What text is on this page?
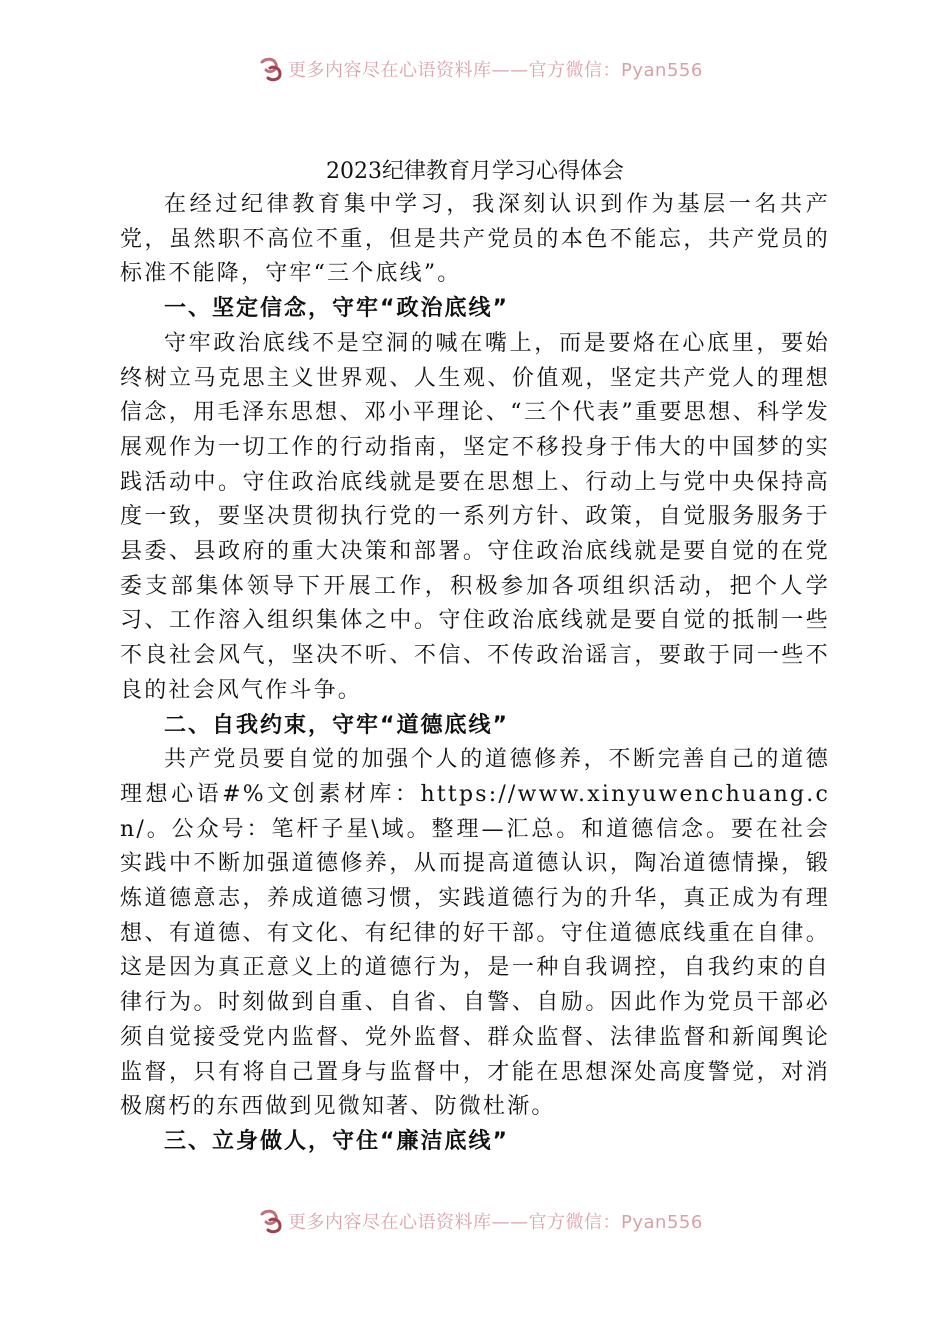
更多内容尽在心语资料库——官方微信：Pyan556
2023纪律教育月学习心得体会

在经过纪律教育集中学习，我深刻认识到作为基层一名共产党，虽然职不高位不重，但是共产党员的本色不能忘，共产党员的标准不能降，守牢“三个底线”。

一、坚定信念，守牢“政治底线”

守牢政治底线不是空洞的喊在嘴上，而是要烙在心底里，要始终树立马克思主义世界观、人生观、价值观，坚定共产党人的理想信念，用毛泽东思想、邓小平理论、“三个代表”重要思想、科学发展观作为一切工作的行动指南，坚定不移投身于伟大的中国梦的实践活动中。守住政治底线就是要在思想上、行动上与党中央保持高度一致，要坚决贯彻执行党的一系列方针、政策，自觉服务服务于县委、县政府的重大决策和部署。守住政治底线就是要自觉的在党委支部集体领导下开展工作，积极参加各项组织活动，把个人学习、工作溶入组织集体之中。守住政治底线就是要自觉的抵制一些不良社会风气，坚决不听、不信、不传政治谣言，要敢于同一些不良的社会风气作斗争。

二、自我约束，守牢“道德底线”

共产党员要自觉的加强个人的道德修养，不断完善自己的道德理想心语#%文创素材库：https://www.xinyuwenchuang.cn/。公众号：笔杆子星\域。整理—汇总。和道德信念。要在社会实践中不断加强道德修养，从而提高道德认识，陶冶道德情操，锻炼道德意志，养成道德习惯，实践道德行为的升华，真正成为有理想、有道德、有文化、有纪律的好干部。守住道德底线重在自律。这是因为真正意义上的道德行为，是一种自我调控，自我约束的自律行为。时刻做到自重、自省、自警、自励。因此作为党员干部必须自觉接受党内监督、党外监督、群众监督、法律监督和新闻舆论监督，只有将自己置身与监督中，才能在思想深处高度警觉，对消极腐朽的东西做到见微知著、防微杜渐。

三、立身做人，守住“廉洁底线”

更多内容尽在心语资料库——官方微信：Pyan556
